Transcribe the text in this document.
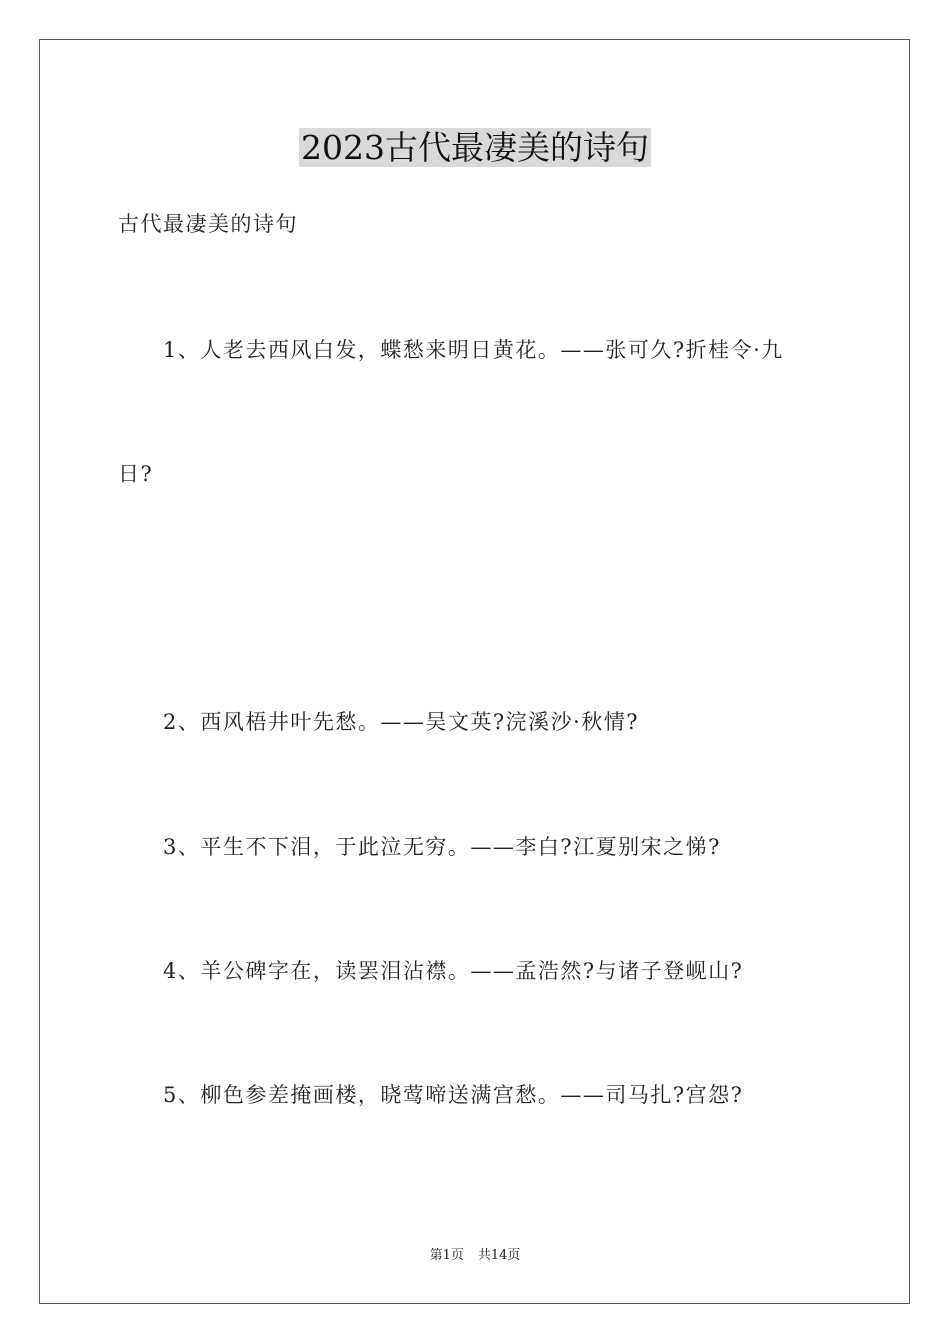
2023古代最凄美的诗句
古代最凄美的诗句
1、人老去西风白发，蝶愁来明日黄花。——张可久?折桂令·九
日?
2、西风梧井叶先愁。——吴文英?浣溪沙·秋情?
3、平生不下泪，于此泣无穷。——李白?江夏别宋之悌?
4、羊公碑字在，读罢泪沾襟。——孟浩然?与诸子登岘山?
5、柳色参差掩画楼，晓莺啼送满宫愁。——司马扎?宫怨?
第1页 共14页
